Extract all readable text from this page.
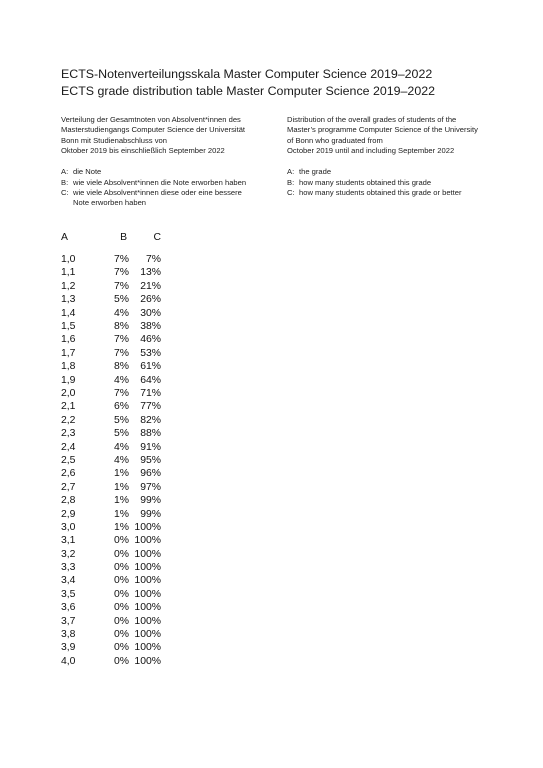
ECTS-Notenverteilungsskala Master Computer Science 2019–2022
ECTS grade distribution table Master Computer Science 2019–2022
Verteilung der Gesamtnoten von Absolvent*innen des
Masterstudiengangs Computer Science der Universität
Bonn mit Studienabschluss von
Oktober 2019 bis einschließlich September 2022
A: die Note
B: wie viele Absolvent*innen die Note erworben haben
C: wie viele Absolvent*innen diese oder eine bessere Note erworben haben
Distribution of the overall grades of students of the
Master’s programme Computer Science of the University
of Bonn who graduated from
October 2019 until and including September 2022
A: the grade
B: how many students obtained this grade
C: how many students obtained this grade or better
A	B	C
1,0	7% 7%
1,1	7% 13%
1,2	7% 21%
1,3	5% 26%
1,4	4% 30%
1,5	8% 38%
1,6	7% 46%
1,7	7% 53%
1,8	8% 61%
1,9	4% 64%
2,0	7% 71%
2,1	6% 77%
2,2	5% 82%
2,3	5% 88%
2,4	4% 91%
2,5	4% 95%
2,6	1% 96%
2,7	1% 97%
2,8	1% 99%
2,9	1% 99%
3,0	1% 100%
3,1	0% 100%
3,2	0% 100%
3,3	0% 100%
3,4	0% 100%
3,5	0% 100%
3,6	0% 100%
3,7	0% 100%
3,8	0% 100%
3,9	0% 100%
4,0	0% 100%
